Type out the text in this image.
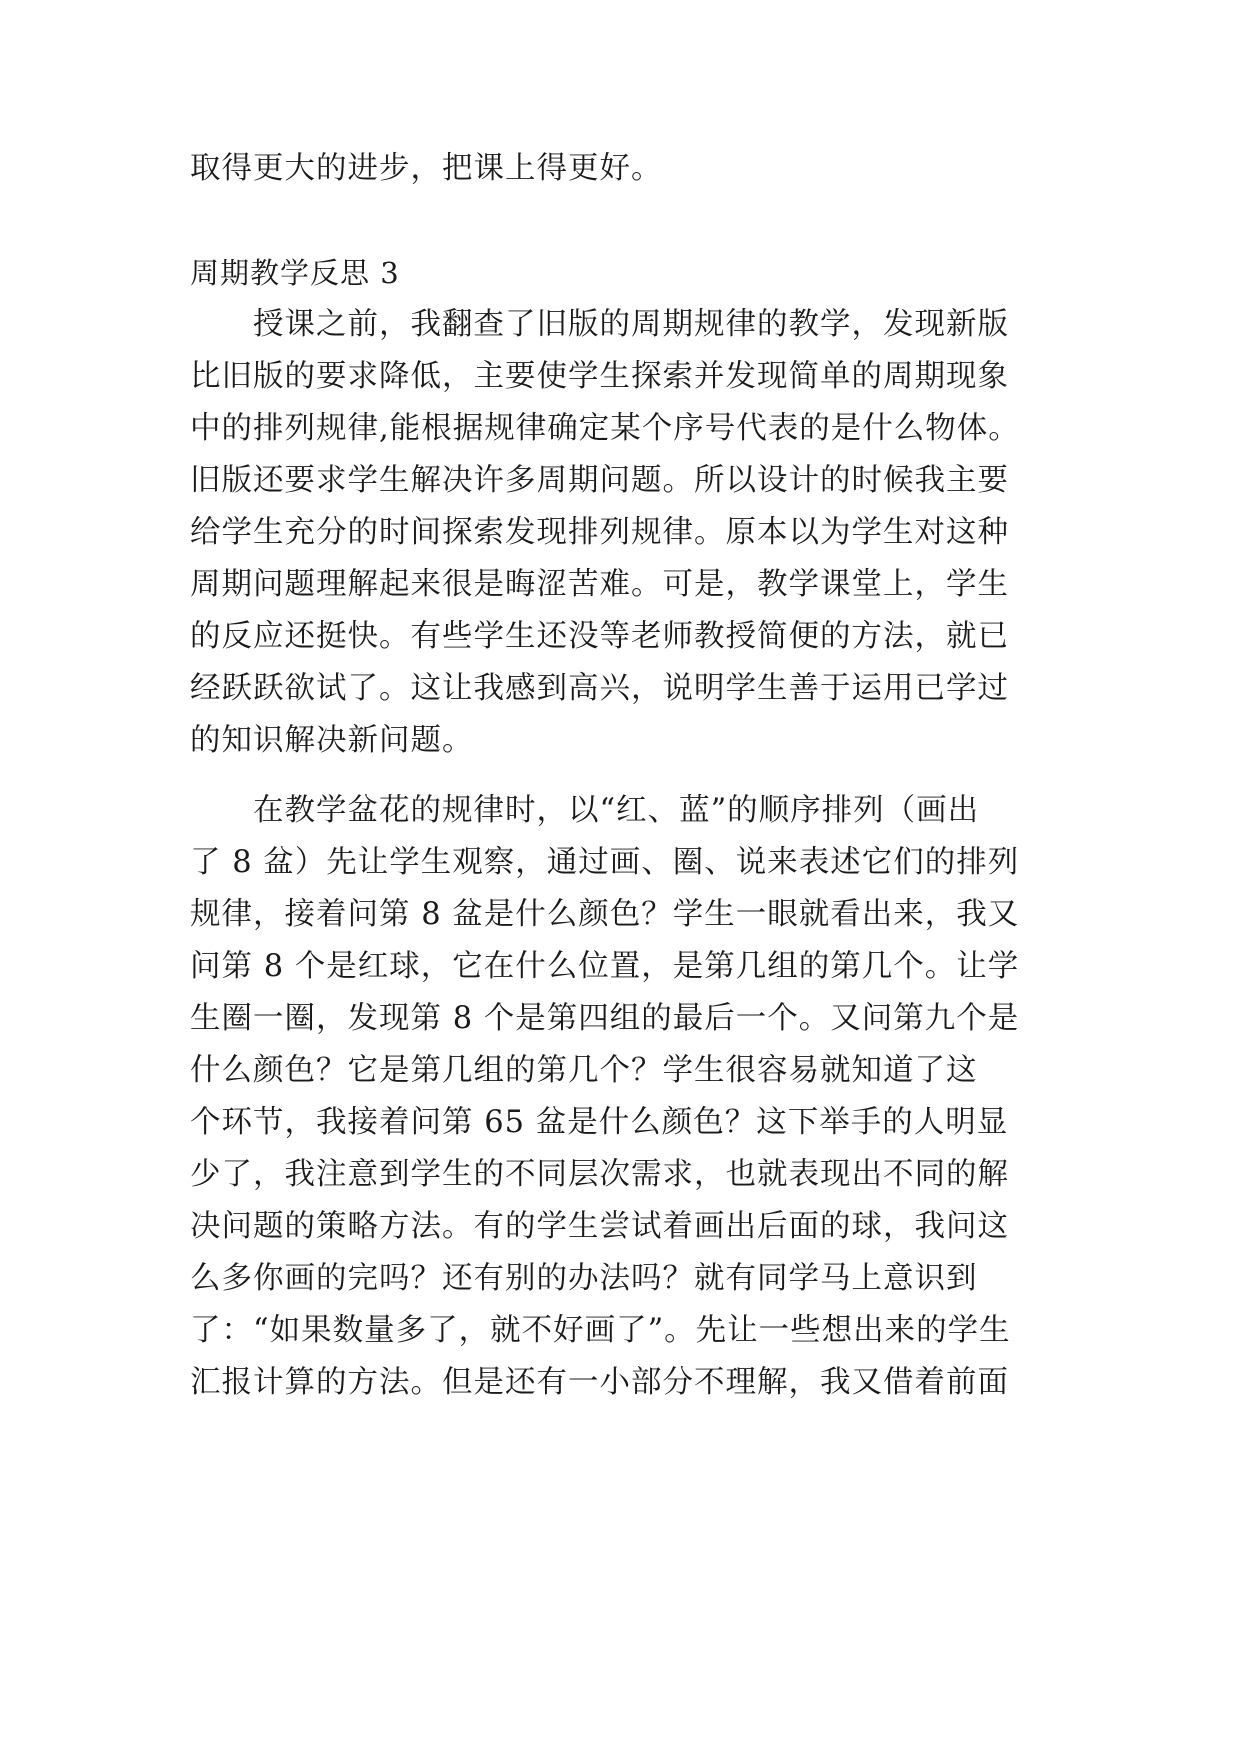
取得更大的进步，把课上得更好。
周期教学反思 3
授课之前，我翻查了旧版的周期规律的教学，发现新版
比旧版的要求降低，主要使学生探索并发现简单的周期现象
中的排列规律,能根据规律确定某个序号代表的是什么物体。
旧版还要求学生解决许多周期问题。所以设计的时候我主要
给学生充分的时间探索发现排列规律。原本以为学生对这种
周期问题理解起来很是晦涩苦难。可是，教学课堂上，学生
的反应还挺快。有些学生还没等老师教授简便的方法，就已
经跃跃欲试了。这让我感到高兴，说明学生善于运用已学过
的知识解决新问题。
在教学盆花的规律时，以“红、蓝”的顺序排列（画出
了 8 盆）先让学生观察，通过画、圈、说来表述它们的排列
规律，接着问第 8 盆是什么颜色？学生一眼就看出来，我又
问第 8 个是红球，它在什么位置，是第几组的第几个。让学
生圈一圈，发现第 8 个是第四组的最后一个。又问第九个是
什么颜色？它是第几组的第几个？学生很容易就知道了这
个环节，我接着问第 65 盆是什么颜色？这下举手的人明显
少了，我注意到学生的不同层次需求，也就表现出不同的解
决问题的策略方法。有的学生尝试着画出后面的球，我问这
么多你画的完吗？还有别的办法吗？就有同学马上意识到
了：“如果数量多了，就不好画了”。先让一些想出来的学生
汇报计算的方法。但是还有一小部分不理解，我又借着前面
